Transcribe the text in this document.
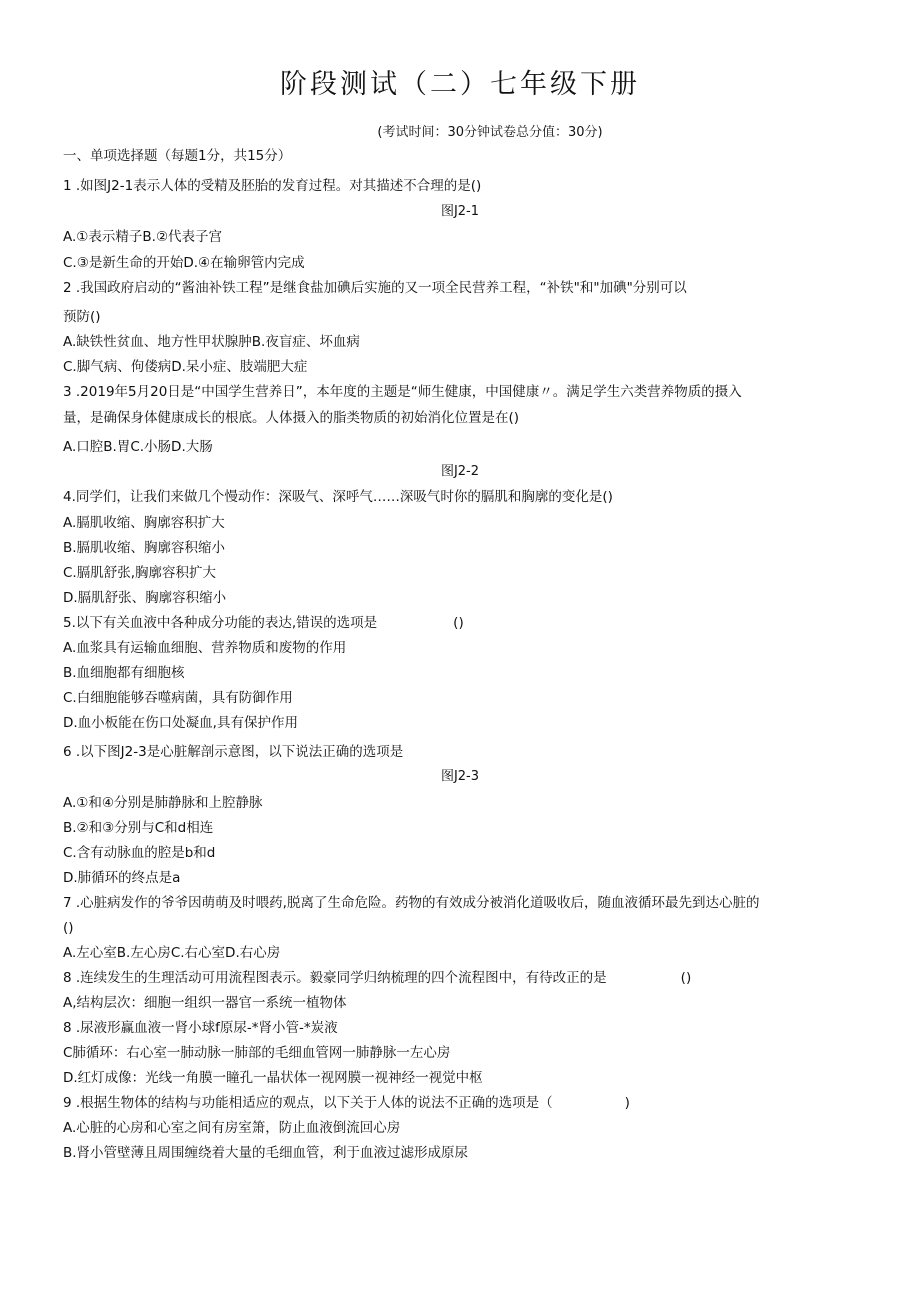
阶段测试（二）七年级下册
(考试时间：30分钟试卷总分值：30分)
一、单项选择题（每题1分，共15分）
1 .如图J2-1表示人体的受精及胚胎的发育过程。对其描述不合理的是()
图J2-1
A.①表示精子B.②代表子宫
C.③是新生命的开始D.④在输卵管内完成
2 .我国政府启动的“酱油补铁工程”是继食盐加碘后实施的又一项全民营养工程，“补铁"和"加碘"分别可以
预防()
A.缺铁性贫血、地方性甲状腺肿B.夜盲症、坏血病
C.脚气病、佝偻病D.呆小症、肢端肥大症
3 .2019年5月20日是“中国学生营养日”，本年度的主题是“师生健康，中国健康〃。满足学生六类营养物质的摄入
量，是确保身体健康成长的根底。人体摄入的脂类物质的初始消化位置是在()
A.口腔B.胃C.小肠D.大肠
图J2-2
4.同学们，让我们来做几个慢动作：深吸气、深呼气……深吸气时你的膈肌和胸廓的变化是()
A.膈肌收缩、胸廓容积扩大
B.膈肌收缩、胸廓容积缩小
C.膈肌舒张,胸廓容积扩大
D.膈肌舒张、胸廓容积缩小
5.以下有关血液中各种成分功能的表达,错误的选项是	()
A.血浆具有运输血细胞、营养物质和废物的作用
B.血细胞都有细胞核
C.白细胞能够吞噬病菌，具有防御作用
D.血小板能在伤口处凝血,具有保护作用
6 .以下图J2-3是心脏解剖示意图，以下说法正确的选项是
图J2-3
A.①和④分别是肺静脉和上腔静脉
B.②和③分别与C和d相连
C.含有动脉血的腔是b和d
D.肺循环的终点是a
7 .心脏病发作的爷爷因萌萌及时喂药,脱离了生命危险。药物的有效成分被消化道吸收后，随血液循环最先到达心脏的
()
A.左心室B.左心房C.右心室D.右心房
8 .连续发生的生理活动可用流程图表示。毅豪同学归纳梳理的四个流程图中，有待改正的是	()
A,结构层次：细胞一组织一器官一系统一植物体
8 .尿液形赢血液一肾小球f原尿-*肾小管-*炭液
C肺循环：右心室一肺动脉一肺部的毛细血管网一肺静脉一左心房
D.红灯成像：光线一角膜一瞳孔一晶状体一视网膜一视神经一视觉中枢
9 .根据生物体的结构与功能相适应的观点，以下关于人体的说法不正确的选项是（	)
A.心脏的心房和心室之间有房室箫，防止血液倒流回心房
B.肾小管壁薄且周围缠绕着大量的毛细血管，利于血液过滤形成原尿
